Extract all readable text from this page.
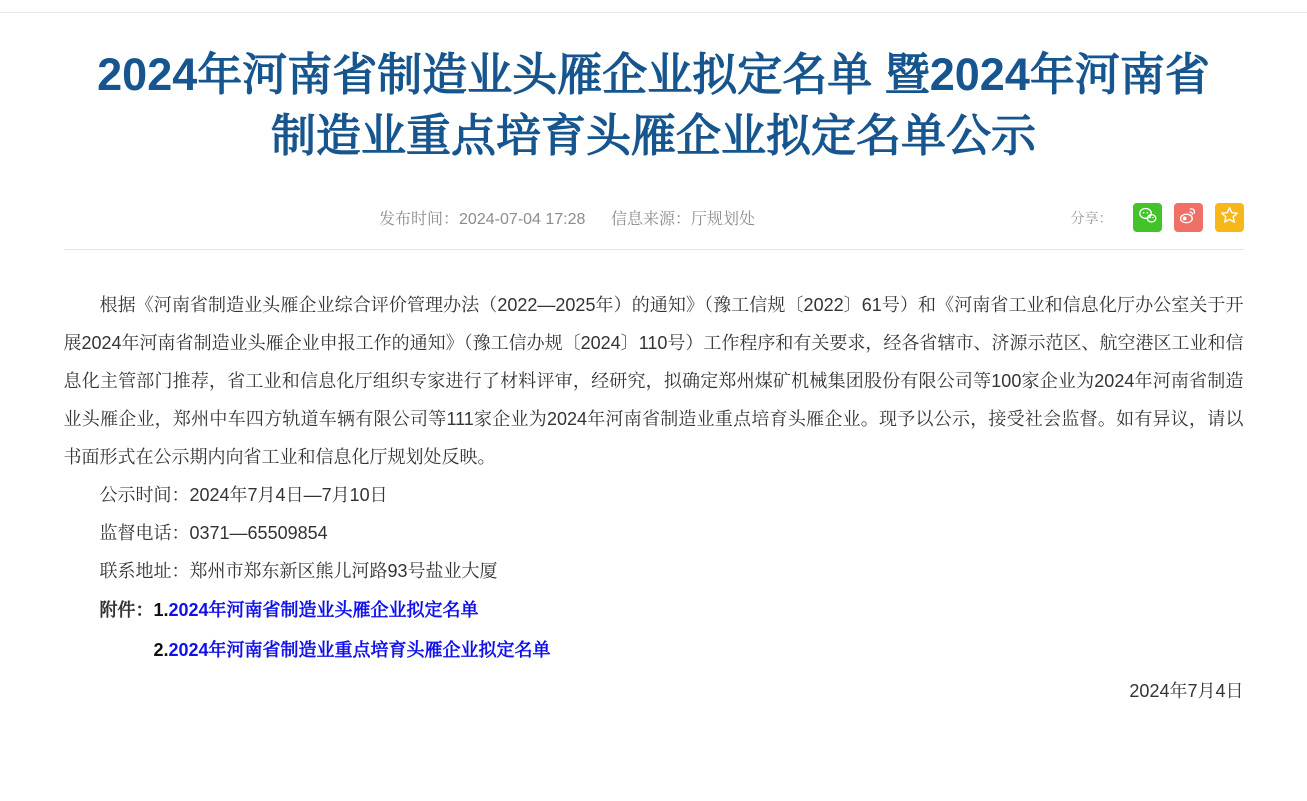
2024年河南省制造业头雁企业拟定名单 暨2024年河南省制造业重点培育头雁企业拟定名单公示
发布时间：2024-07-04 17:28 信息来源：厅规划处	分享：

根据《河南省制造业头雁企业综合评价管理办法（2022—2025年）的通知》（豫工信规〔2022〕61号）和《河南省工业和信息化厅办公室关于开展2024年河南省制造业头雁企业申报工作的通知》（豫工信办规〔2024〕110号）工作程序和有关要求，经各省辖市、济源示范区、航空港区工业和信息化主管部门推荐，省工业和信息化厅组织专家进行了材料评审，经研究，拟确定郑州煤矿机械集团股份有限公司等100家企业为2024年河南省制造业头雁企业，郑州中车四方轨道车辆有限公司等111家企业为2024年河南省制造业重点培育头雁企业。现予以公示，接受社会监督。如有异议，请以书面形式在公示期内向省工业和信息化厅规划处反映。

公示时间：2024年7月4日—7月10日

监督电话：0371—65509854

联系地址：郑州市郑东新区熊儿河路93号盐业大厦

附件：1.2024年河南省制造业头雁企业拟定名单

2.2024年河南省制造业重点培育头雁企业拟定名单

2024年7月4日
